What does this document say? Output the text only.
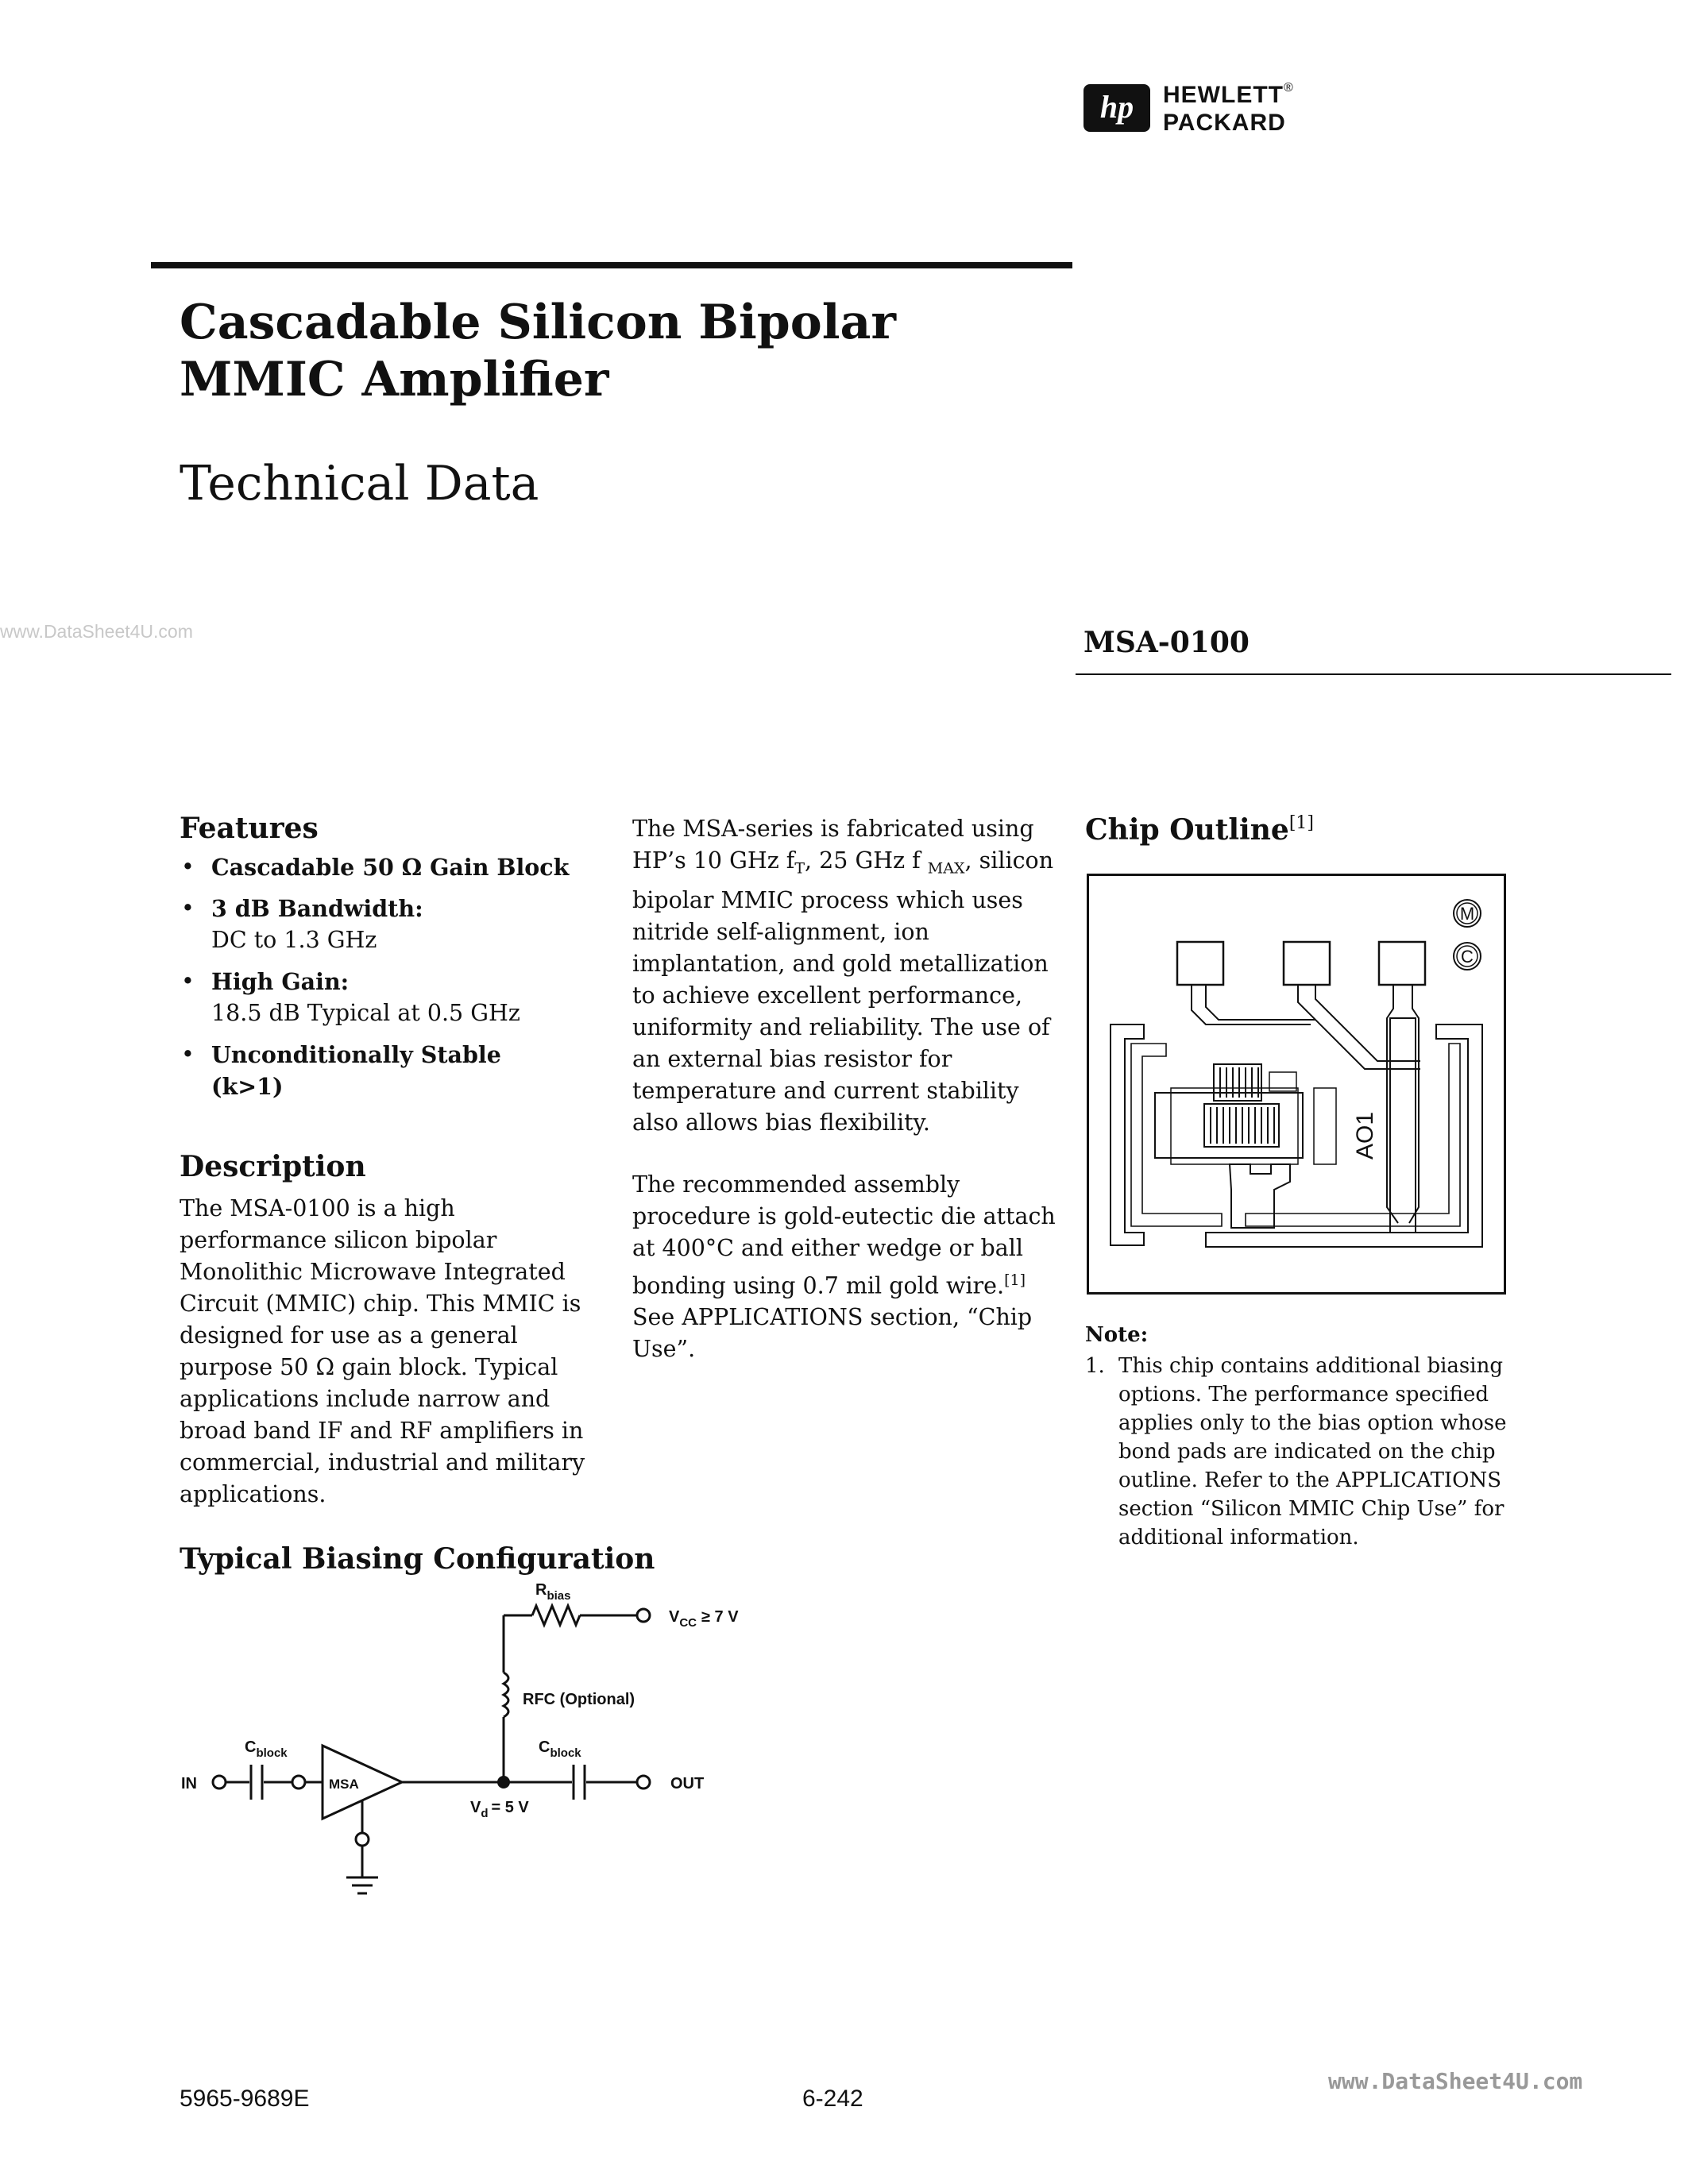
hp	HEWLETT®
PACKARD
Cascadable Silicon Bipolar
MMIC Amplifier
Technical Data
www.DataSheet4U.com	MSA-0100
Features
• Cascadable 50 Ω Gain Block
• 3 dB Bandwidth:
DC to 1.3 GHz
• High Gain:
18.5 dB Typical at 0.5 GHz
• Unconditionally Stable
(k>1)
Description
The MSA-0100 is a high performance silicon bipolar Monolithic Microwave Integrated Circuit (MMIC) chip. This MMIC is designed for use as a general purpose 50 Ω gain block. Typical applications include narrow and broad band IF and RF amplifiers in commercial, industrial and military applications.

The MSA-series is fabricated using HP’s 10 GHz $f_T$, 25 GHz f $_{MAX}$, silicon bipolar MMIC process which uses nitride self-alignment, ion implantation, and gold metallization to achieve excellent performance, uniformity and reliability. The use of an external bias resistor for temperature and current stability also allows bias flexibility.

The recommended assembly procedure is gold-eutectic die attach at 400°C and either wedge or ball bonding using 0.7 mil gold wire.[1] See APPLICATIONS section, “Chip Use”.

Chip Outline[1]
M
C
AO1
Note:
1. This chip contains additional biasing options. The performance specified applies only to the bias option whose bond pads are indicated on the chip outline. Refer to the APPLICATIONS section “Silicon MMIC Chip Use” for additional information.
Typical Biasing Configuration
IN
$C_{block}$
MSA
$V_d = 5$ V
$C_{block}$
OUT
RFC (Optional)
$R_{bias}$
$V_{CC} \ge 7$ V
5965-9689E	6-242
www.DataSheet4U.com
